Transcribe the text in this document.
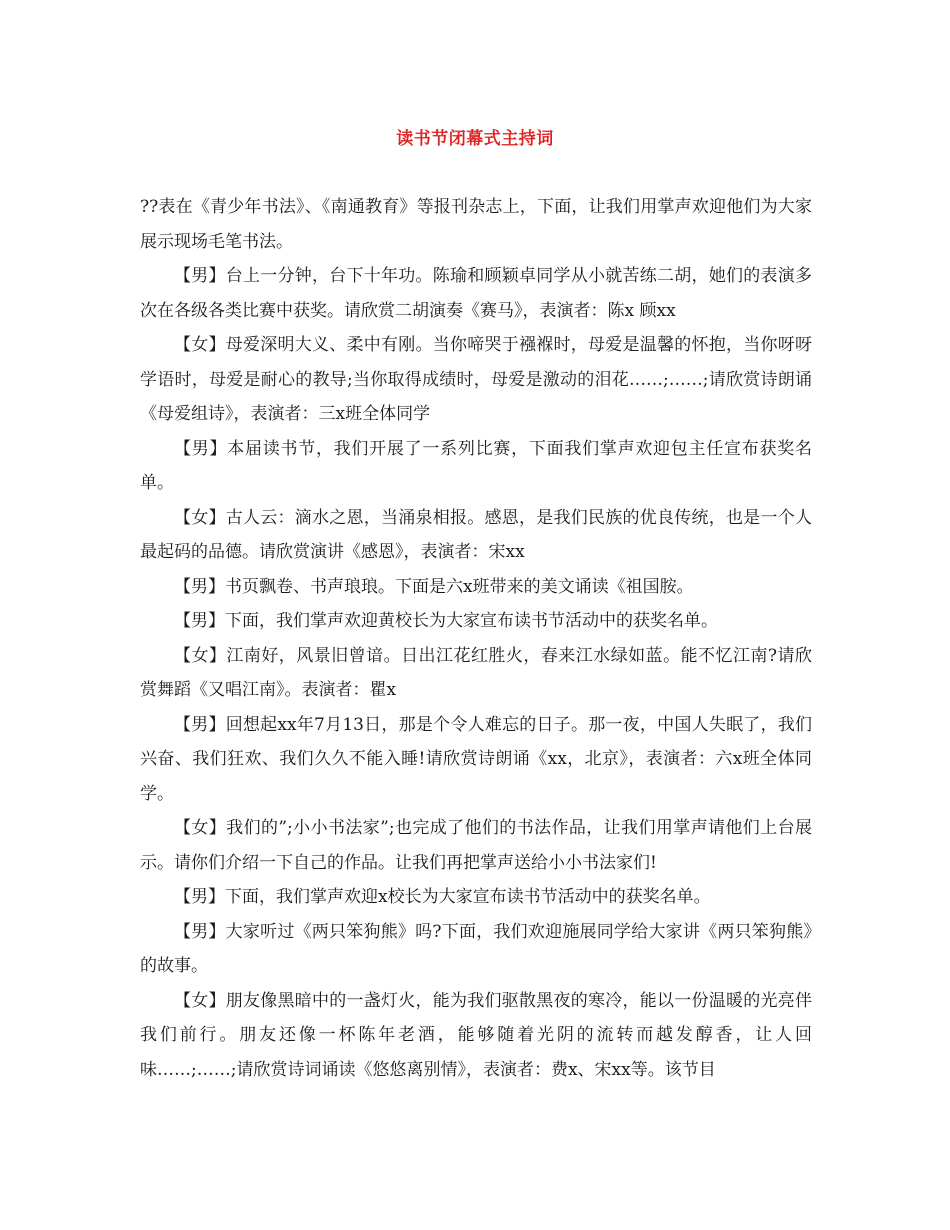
读书节闭幕式主持词

??表在《青少年书法》、《南通教育》等报刊杂志上，下面，让我们用掌声欢迎他们为大家展示现场毛笔书法。

【男】台上一分钟，台下十年功。陈瑜和顾颖卓同学从小就苦练二胡，她们的表演多次在各级各类比赛中获奖。请欣赏二胡演奏《赛马》，表演者：陈x 顾xx

【女】母爱深明大义、柔中有刚。当你啼哭于襁褓时，母爱是温馨的怀抱，当你呀呀学语时，母爱是耐心的教导;当你取得成绩时，母爱是激动的泪花……;……;请欣赏诗朗诵《母爱组诗》，表演者：三x班全体同学

【男】本届读书节，我们开展了一系列比赛，下面我们掌声欢迎包主任宣布获奖名单。

【女】古人云：滴水之恩，当涌泉相报。感恩，是我们民族的优良传统，也是一个人最起码的品德。请欣赏演讲《感恩》，表演者：宋xx

【男】书页飘卷、书声琅琅。下面是六x班带来的美文诵读《祖国胺。

【男】下面，我们掌声欢迎黄校长为大家宣布读书节活动中的获奖名单。

【女】江南好，风景旧曾谙。日出江花红胜火，春来江水绿如蓝。能不忆江南?请欣赏舞蹈《又唱江南》。表演者：瞿x

【男】回想起xx年7月13日，那是个令人难忘的日子。那一夜，中国人失眠了，我们兴奋、我们狂欢、我们久久不能入睡!请欣赏诗朗诵《xx，北京》，表演者：六x班全体同学。

【女】我们的”;小小书法家”;也完成了他们的书法作品，让我们用掌声请他们上台展示。请你们介绍一下自己的作品。让我们再把掌声送给小小书法家们!

【男】下面，我们掌声欢迎x校长为大家宣布读书节活动中的获奖名单。

【男】大家听过《两只笨狗熊》吗?下面，我们欢迎施展同学给大家讲《两只笨狗熊》的故事。

【女】朋友像黑暗中的一盏灯火，能为我们驱散黑夜的寒冷，能以一份温暖的光亮伴我们前行。朋友还像一杯陈年老酒，能够随着光阴的流转而越发醇香，让人回味……;……;请欣赏诗词诵读《悠悠离别情》，表演者：费x、宋xx等。该节目
